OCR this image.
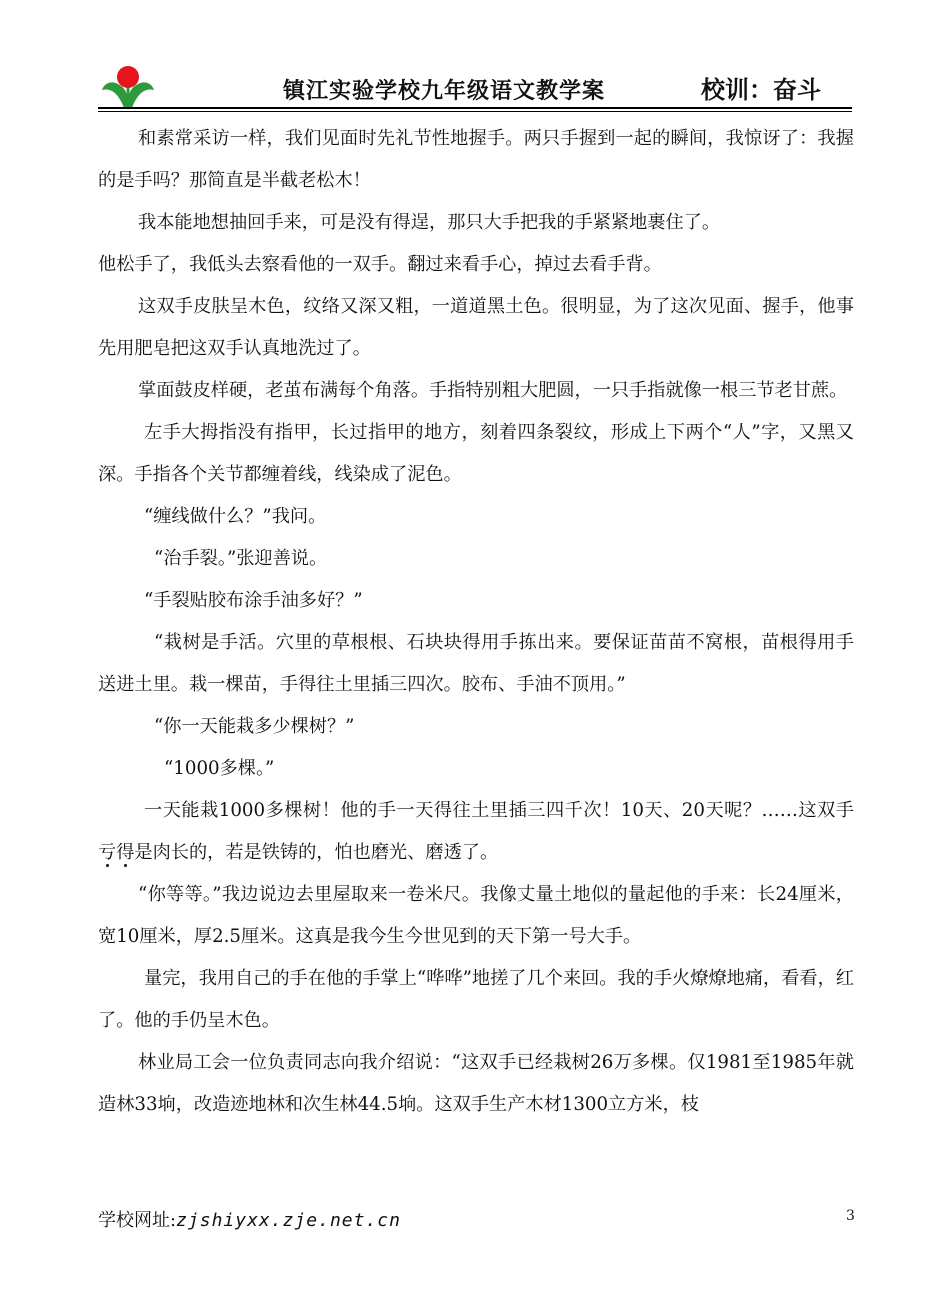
镇江实验学校九年级语文教学案	校训：奋斗

和素常采访一样，我们见面时先礼节性地握手。两只手握到一起的瞬间，我惊讶了：我握的是手吗？那简直是半截老松木！

我本能地想抽回手来，可是没有得逞，那只大手把我的手紧紧地裹住了。

他松手了，我低头去察看他的一双手。翻过来看手心，掉过去看手背。

这双手皮肤呈木色，纹络又深又粗，一道道黑土色。很明显，为了这次见面、握手，他事先用肥皂把这双手认真地洗过了。

掌面鼓皮样硬，老茧布满每个角落。手指特别粗大肥圆，一只手指就像一根三节老甘蔗。

左手大拇指没有指甲，长过指甲的地方，刻着四条裂纹，形成上下两个“人”字，又黑又深。手指各个关节都缠着线，线染成了泥色。

“缠线做什么？”我问。

“治手裂。”张迎善说。

“手裂贴胶布涂手油多好？”

“栽树是手活。穴里的草根根、石块块得用手拣出来。要保证苗苗不窝根，苗根得用手送进土里。栽一棵苗，手得往土里插三四次。胶布、手油不顶用。”

“你一天能栽多少棵树？”

“1000多棵。”

一天能栽1000多棵树！他的手一天得往土里插三四千次！10天、20天呢？……这双手亏得是肉长的，若是铁铸的，怕也磨光、磨透了。

“你等等。”我边说边去里屋取来一卷米尺。我像丈量土地似的量起他的手来：长24厘米，宽10厘米，厚2.5厘米。这真是我今生今世见到的天下第一号大手。

量完，我用自己的手在他的手掌上“哗哗”地搓了几个来回。我的手火燎燎地痛，看看，红了。他的手仍呈木色。

林业局工会一位负责同志向我介绍说：“这双手已经栽树26万多棵。仅1981至1985年就造林33垧，改造迹地林和次生林44.5垧。这双手生产木材1300立方米，枝

学校网址:zjshiyxx.zje.net.cn	3
